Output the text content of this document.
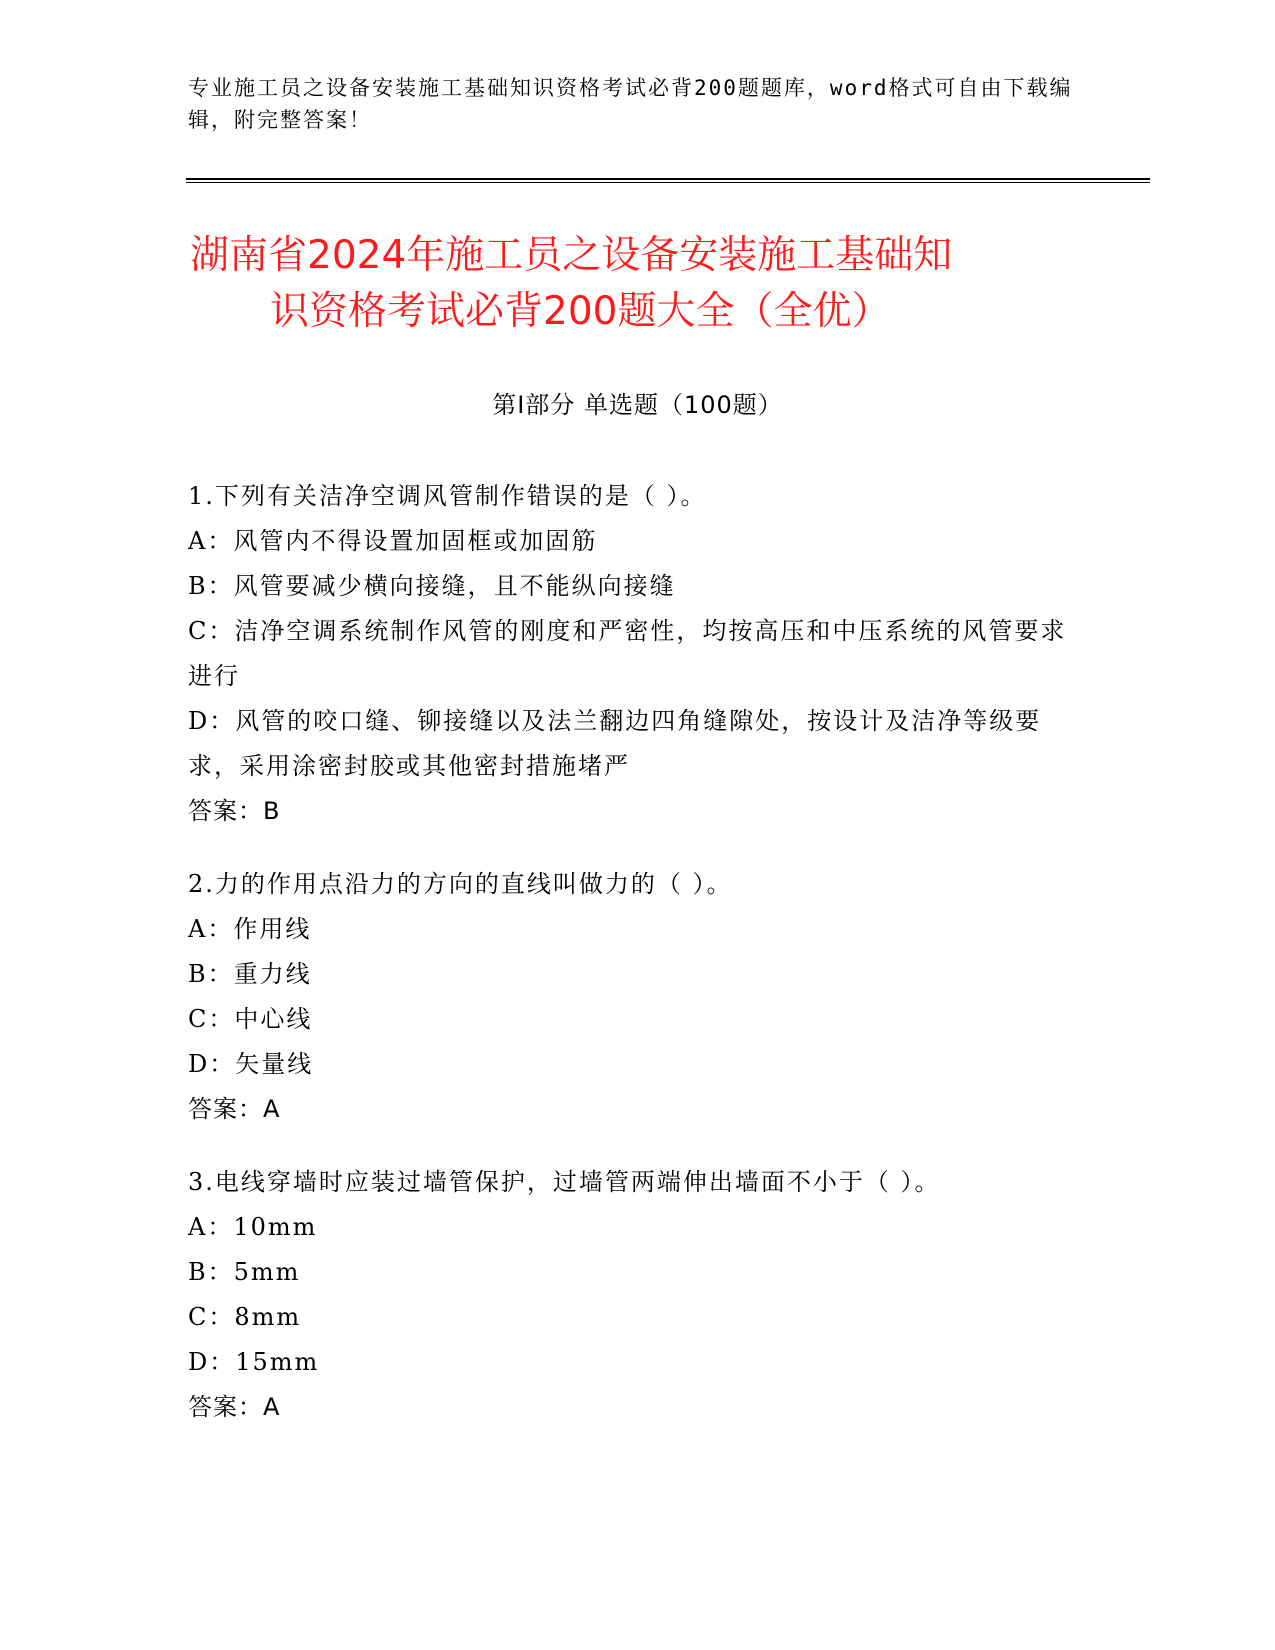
专业施工员之设备安装施工基础知识资格考试必背200题题库，word格式可自由下载编辑，附完整答案！
湖南省2024年施工员之设备安装施工基础知
识资格考试必背200题大全（全优）
第Ⅰ部分 单选题（100题）
1.下列有关洁净空调风管制作错误的是（ ）。
A：风管内不得设置加固框或加固筋
B：风管要减少横向接缝，且不能纵向接缝
C：洁净空调系统制作风管的刚度和严密性，均按高压和中压系统的风管要求进行
D：风管的咬口缝、铆接缝以及法兰翻边四角缝隙处，按设计及洁净等级要求，采用涂密封胶或其他密封措施堵严
答案：B
2.力的作用点沿力的方向的直线叫做力的（ ）。
A：作用线
B：重力线
C：中心线
D：矢量线
答案：A
3.电线穿墙时应装过墙管保护，过墙管两端伸出墙面不小于（ ）。
A：10mm
B：5mm
C：8mm
D：15mm
答案：A
